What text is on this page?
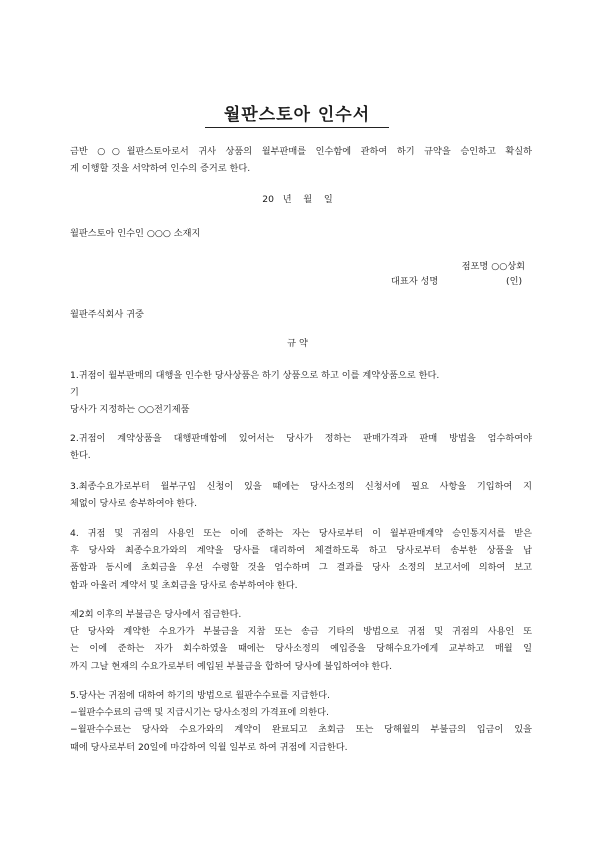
월판스토아 인수서
금반 ○○월판스토아로서 귀사 상품의 월부판매를 인수함에 관하여 하기 규약을 승인하고 확실하
게 이행할 것을 서약하여 인수의 증거로 한다.
20   년    월    일
월판스토아 인수인 ○○○ 소재지
점포명 ○○상회
대표자 성명	(인)
월판주식회사 귀중
규 약
1.귀점이 월부판매의 대행을 인수한 당사상품은 하기 상품으로 하고 이를 계약상품으로 한다.
기
당사가 지정하는 ○○전기제품
2.귀점이 계약상품을 대행판매함에 있어서는 당사가 정하는 판매가격과 판매 방법을 엄수하여야
한다.
3.최종수요가로부터 월부구입 신청이 있을 때에는 당사소정의 신청서에 필요 사항을 기입하여 지
체없이 당사로 송부하여야 한다.
4. 귀점 및 귀점의 사용인 또는 이에 준하는 자는 당사로부터 이 월부판매계약 승인통지서를 받은
후 당사와 최종수요가와의 계약을 당사를 대리하여 체결하도록 하고 당사로부터 송부한 상품을 납
품함과 동시에 초회금을 우선 수령할 것을 엄수하며 그 결과를 당사 소정의 보고서에 의하여 보고
함과 아울러 계약서 및 초회금을 당사로 송부하여야 한다.
제2회 이후의 부불금은 당사에서 집금한다.
단 당사와 계약한 수요가가 부불금을 지참 또는 송금 기타의 방법으로 귀점 및 귀점의 사용인 또
는 이에 준하는 자가 회수하였을 때에는 당사소정의 예입증을 당해수요가에게 교부하고 매월 일
까지 그날 현재의 수요가로부터 예입된 부불금을 합하여 당사에 불입하여야 한다.
5.당사는 귀점에 대하여 하기의 방법으로 월판수수료를 지급한다.
−월판수수료의 금액 및 지급시기는 당사소정의 가격표에 의한다.
−월판수수료는 당사와 수요가와의 계약이 완료되고 초회금 또는 당해월의 부불금의 입금이 있을
때에 당사로부터 20일에 마감하여 익월 일부로 하여 귀점에 지급한다.
